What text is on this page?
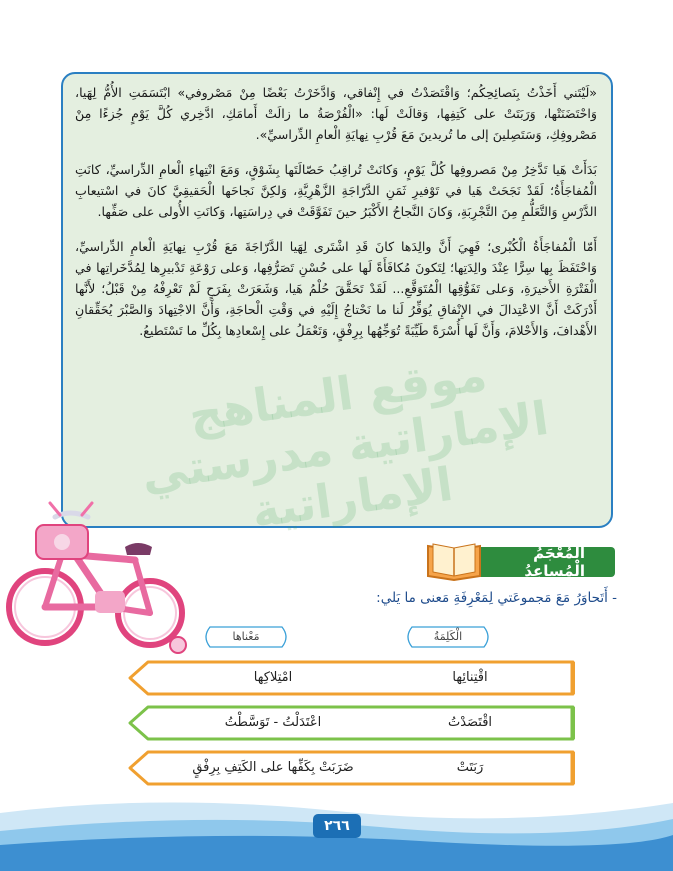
«لَيْتَني أَخَذْتُ بِنَصائِحِكُم؛ وَاقْتَصَدْتُ في إِنْفاقي، وَادَّخَرْتُ بَعْضًا مِنْ مَصْروفي» ابْتَسَمَتِ الأُمُّ لِهَيا، وَاحْتَضَنَتْها، وَرَبَتَتْ على كَتِفِها، وَقالَتْ لَها: «الْفُرْصَةُ ما زالَتْ أَمامَكِ، ادَّخِري كُلَّ يَوْمٍ جُزءًا مِنْ مَصْروفِكِ، وَسَتَصِلينَ إلى ما تُريدينَ مَعَ قُرْبِ نِهايَةِ الْعامِ الدِّراسيِّ».

بَدَأَتْ هَيا تَدَّخِرُ مِنْ مَصروفِها كُلَّ يَوْمٍ، وَكانَتْ تُراقِبُ حَصّالَتَها بِشَوْقٍ، وَمَعَ انْتِهاءِ الْعامِ الدِّراسيِّ، كانَتِ الْمُفاجَأَةُ؛ لَقَدْ نَجَحَتْ هَيا في تَوْفيرِ ثَمَنِ الدَّرّاجَةِ الزَّهْرِيَّةِ، وَلكِنَّ نَجاحَها الْحَقيقِيَّ كانَ في اسْتيعابِ الدَّرْسِ وَالتَّعَلُّمِ مِنَ التَّجْرِبَةِ، وَكانَ النَّجاحُ الأَكْبَرُ حينَ تَفَوَّقَتْ في دِراسَتِها، وَكانَتِ الأُولى على صَفِّها.

أَمّا الْمُفاجَأَةُ الْكُبْرى؛ فَهِيَ أَنَّ والِدَها كانَ قَدِ اشْتَرى لِهَيا الدَّرّاجَةَ مَعَ قُرْبِ نِهايَةِ الْعامِ الدِّراسيِّ، وَاحْتَفَظَ بِها سِرًّا عِنْدَ والِدَتِها؛ لِتَكونَ مُكافَأَةً لَها على حُسْنِ تَصَرُّفِها، وَعلى رَوْعَةِ تَدْبيرِها لِمُدَّخَراتِها في الْفَتْرَةِ الأَخيرَةِ، وَعلى تَفَوُّقِها الْمُتَوَقَّعِ... لَقَدْ تَحَقَّقَ حُلْمُ هَيا، وَشَعَرَتْ بِفَرَحٍ لَمْ تَعْرِفْهُ مِنْ قَبْلُ؛ لأَنَّها أَدْرَكَتْ أَنَّ الاعْتِدالَ في الإِنْفاقِ يُوَفِّرُ لَنا ما نَحْتاجُ إِلَيْهِ في وَقْتِ الْحاجَةِ، وَأَنَّ الاجْتِهادَ وَالصَّبْرَ يُحَقِّقانِ الأَهْدافَ، وَالأَحْلامَ، وَأَنَّ لَها أُسْرَةً طَيِّبَةً تُوَجِّهُها بِرِفْقٍ، وَتَعْمَلُ على إِسْعادِها بِكُلِّ ما تَسْتَطيعُ.

الْمُعْجَمُ الْمُساعِدُ
- أَتَحاوَرُ مَعَ مَجموعَتي لِمَعْرِفَةِ مَعنى ما يَلي:
الْكَلِمَةُ
مَعْناها
اقْتِنائِها
امْتِلاكِها
اقْتَصَدْتُ
اعْتَدَلْتُ - تَوَسَّطْتُ
رَبَتَتْ
ضَرَبَتْ بِكَفِّها على الكَتِفِ بِرِفْقٍ
٢٦٦
